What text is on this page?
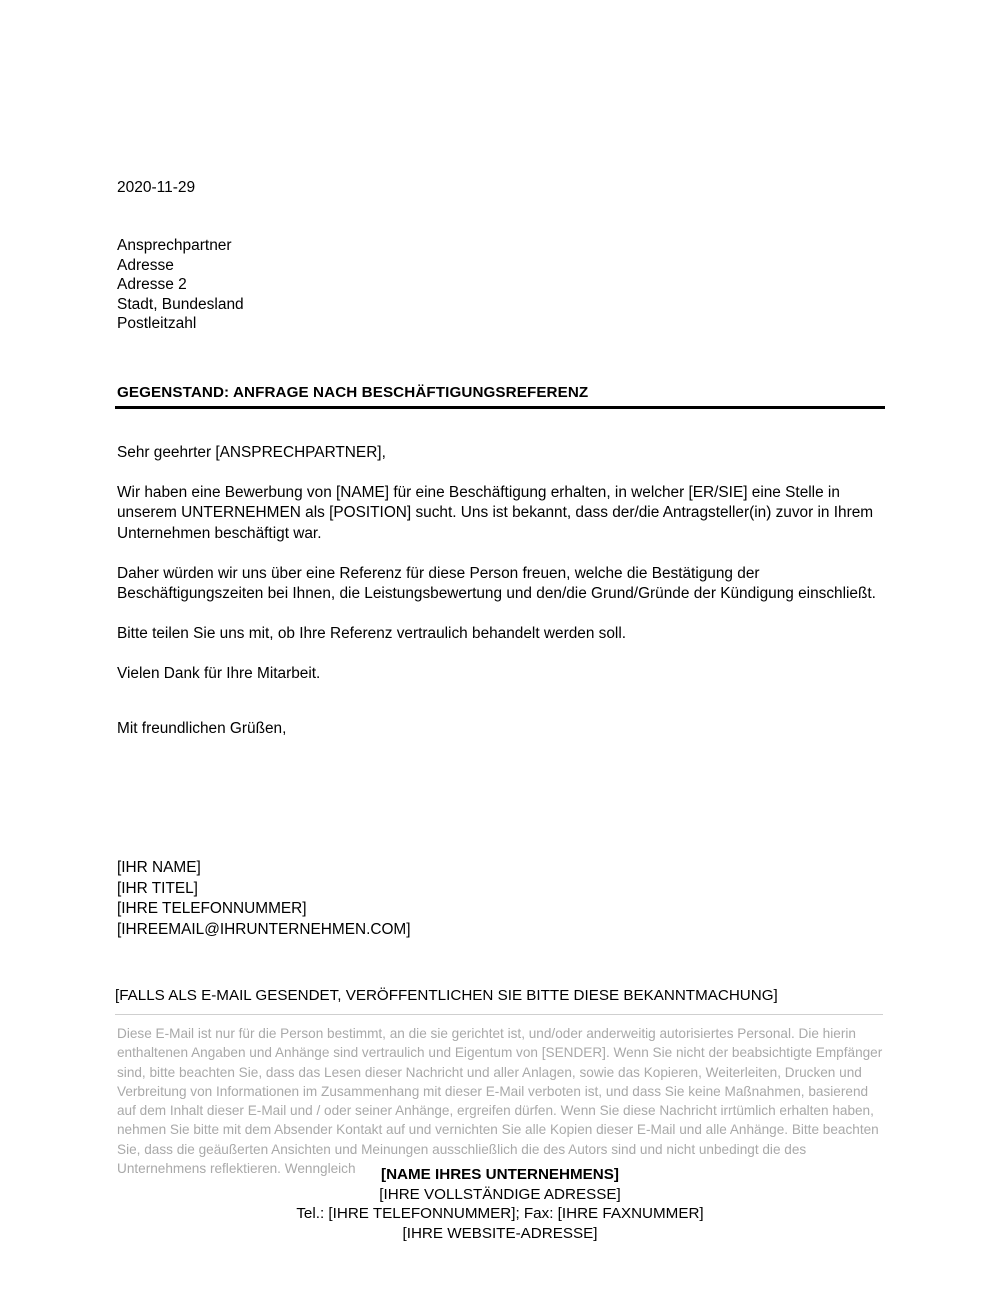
2020-11-29
Ansprechpartner
Adresse
Adresse 2
Stadt, Bundesland
Postleitzahl
GEGENSTAND: ANFRAGE NACH BESCHÄFTIGUNGSREFERENZ

Sehr geehrter [ANSPRECHPARTNER],

Wir haben eine Bewerbung von [NAME] für eine Beschäftigung erhalten, in welcher [ER/SIE] eine Stelle in unserem UNTERNEHMEN als [POSITION] sucht. Uns ist bekannt, dass der/die Antragsteller(in) zuvor in Ihrem Unternehmen beschäftigt war.

Daher würden wir uns über eine Referenz für diese Person freuen, welche die Bestätigung der Beschäftigungszeiten bei Ihnen, die Leistungsbewertung und den/die Grund/Gründe der Kündigung einschließt.

Bitte teilen Sie uns mit, ob Ihre Referenz vertraulich behandelt werden soll.

Vielen Dank für Ihre Mitarbeit.

Mit freundlichen Grüßen,
[IHR NAME]
[IHR TITEL]
[IHRE TELEFONNUMMER]
[IHREEMAIL@IHRUNTERNEHMEN.COM]
[FALLS ALS E-MAIL GESENDET, VERÖFFENTLICHEN SIE BITTE DIESE BEKANNTMACHUNG]
Diese E-Mail ist nur für die Person bestimmt, an die sie gerichtet ist, und/oder anderweitig autorisiertes Personal. Die hierin enthaltenen Angaben und Anhänge sind vertraulich und Eigentum von [SENDER]. Wenn Sie nicht der beabsichtigte Empfänger sind, bitte beachten Sie, dass das Lesen dieser Nachricht und aller Anlagen, sowie das Kopieren, Weiterleiten, Drucken und Verbreitung von Informationen im Zusammenhang mit dieser E-Mail verboten ist, und dass Sie keine Maßnahmen, basierend auf dem Inhalt dieser E-Mail und / oder seiner Anhänge, ergreifen dürfen. Wenn Sie diese Nachricht irrtümlich erhalten haben, nehmen Sie bitte mit dem Absender Kontakt auf und vernichten Sie alle Kopien dieser E-Mail und alle Anhänge. Bitte beachten Sie, dass die geäußerten Ansichten und Meinungen ausschließlich die des Autors sind und nicht unbedingt die des Unternehmens reflektieren. Wenngleich	[NAME IHRES UNTERNEHMENS]
[IHRE VOLLSTÄNDIGE ADRESSE]
Tel.: [IHRE TELEFONNUMMER]; Fax: [IHRE FAXNUMMER]
[IHRE WEBSITE-ADRESSE]
